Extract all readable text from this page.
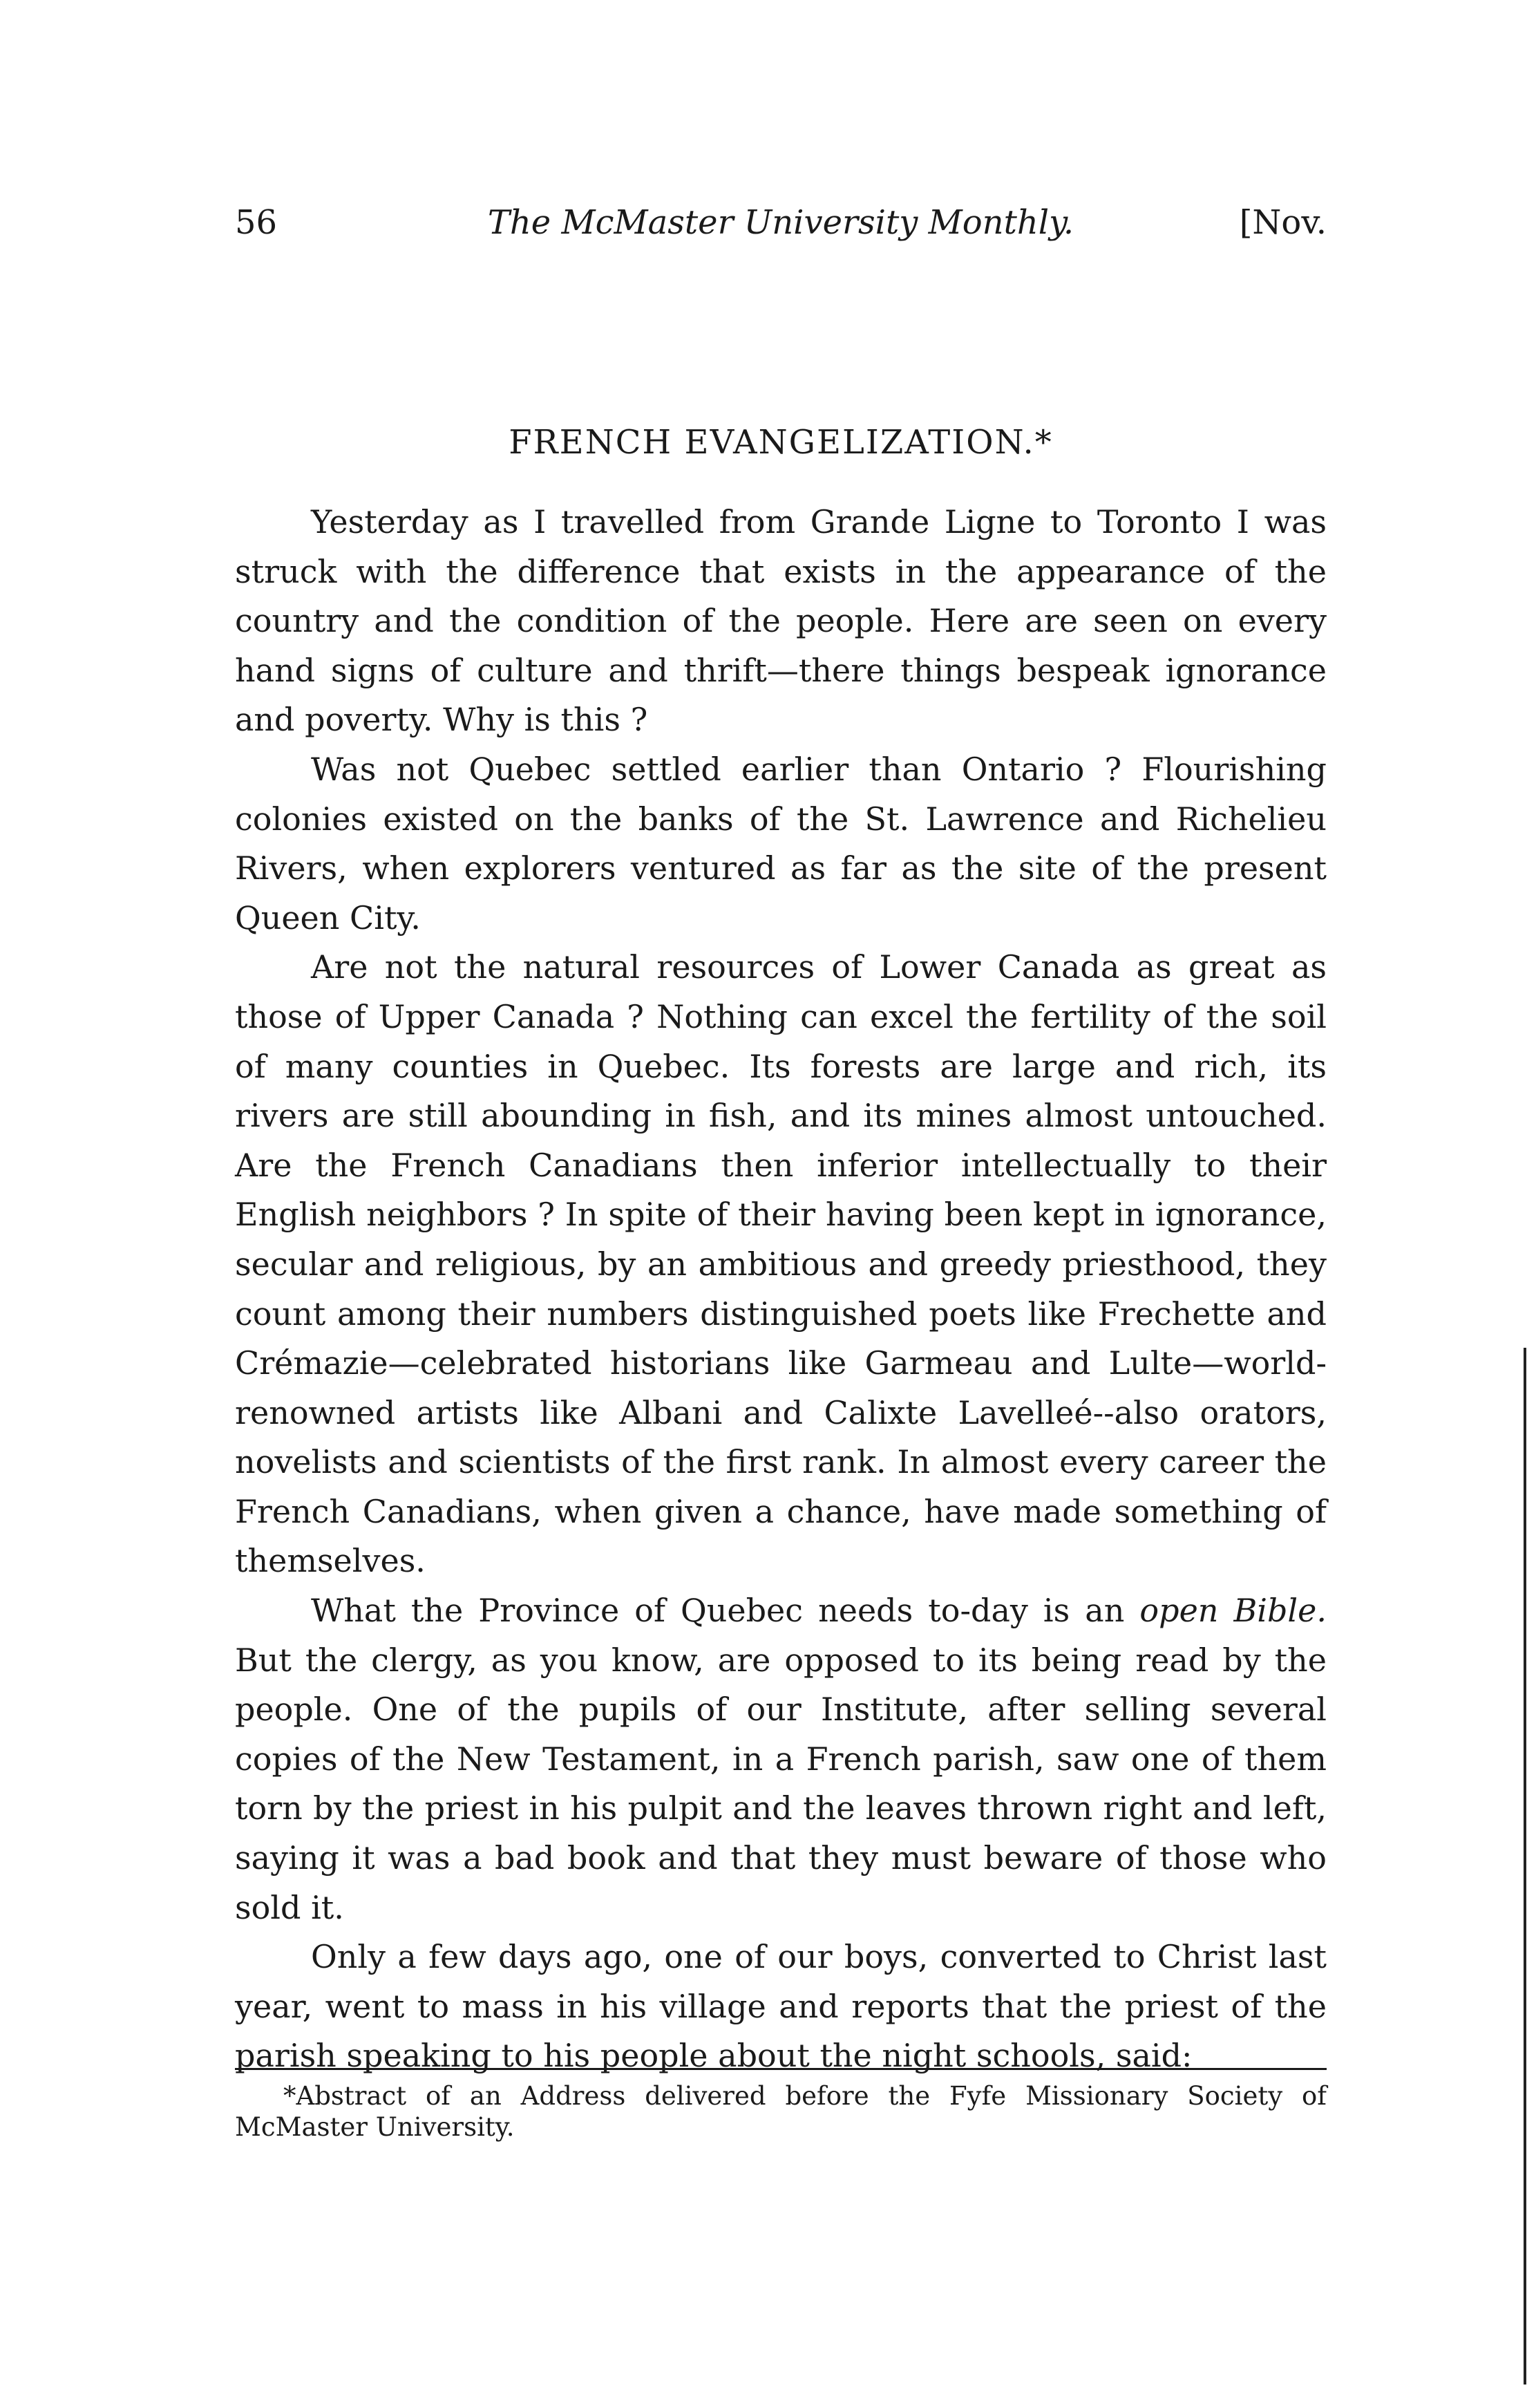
56	The McMaster University Monthly.	[Nov.
FRENCH EVANGELIZATION.*

Yesterday as I travelled from Grande Ligne to Toronto I was struck with the difference that exists in the appearance of the country and the condition of the people. Here are seen on every hand signs of culture and thrift—there things bespeak ignorance and poverty. Why is this ?

Was not Quebec settled earlier than Ontario ? Flourishing colonies existed on the banks of the St. Lawrence and Richelieu Rivers, when explorers ventured as far as the site of the present Queen City.

Are not the natural resources of Lower Canada as great as those of Upper Canada ? Nothing can excel the fertility of the soil of many counties in Quebec. Its forests are large and rich, its rivers are still abounding in fish, and its mines almost untouched. Are the French Canadians then inferior intellectually to their English neighbors ? In spite of their having been kept in ignorance, secular and religious, by an ambitious and greedy priesthood, they count among their numbers distinguished poets like Frechette and Crémazie—celebrated historians like Garmeau and Lulte—world-renowned artists like Albani and Calixte Lavelleé--also orators, novelists and scientists of the first rank. In almost every career the French Canadians, when given a chance, have made something of themselves.

What the Province of Quebec needs to-day is an open Bible. But the clergy, as you know, are opposed to its being read by the people. One of the pupils of our Institute, after selling several copies of the New Testament, in a French parish, saw one of them torn by the priest in his pulpit and the leaves thrown right and left, saying it was a bad book and that they must beware of those who sold it.

Only a few days ago, one of our boys, converted to Christ last year, went to mass in his village and reports that the priest of the parish speaking to his people about the night schools, said:

*Abstract of an Address delivered before the Fyfe Missionary Society of McMaster University.
